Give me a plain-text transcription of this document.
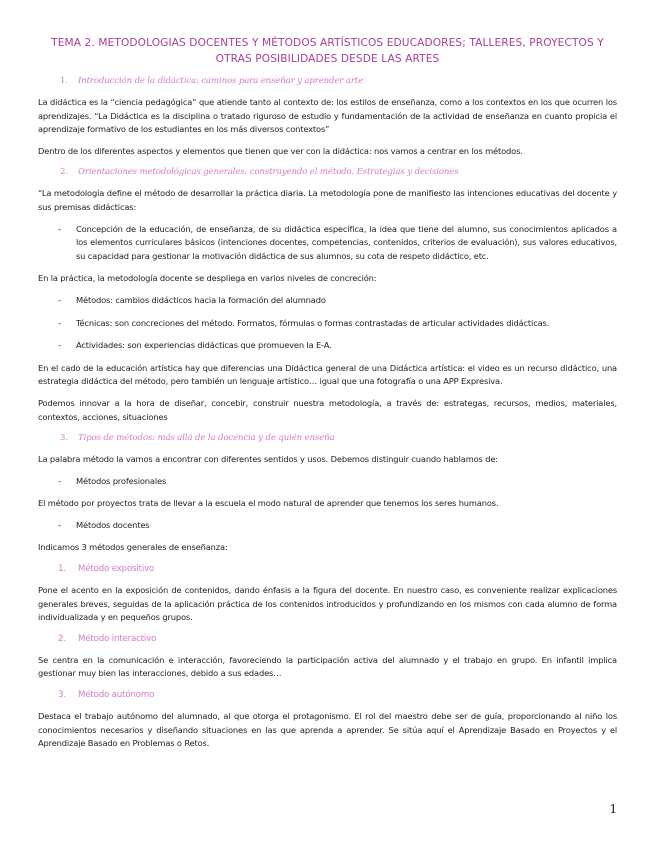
TEMA 2. METODOLOGIAS DOCENTES Y MÉTODOS ARTÍSTICOS EDUCADORES; TALLERES, PROYECTOS Y OTRAS POSIBILIDADES DESDE LAS ARTES
1. Introducción de la didáctica: caminos para enseñar y aprender arte

La didáctica es la “ciencia pedagógica” que atiende tanto al contexto de: los estilos de enseñanza, como a los contextos en los que ocurren los aprendizajes. “La Didáctica es la disciplina o tratado riguroso de estudio y fundamentación de la actividad de enseñanza en cuanto propicia el aprendizaje formativo de los estudiantes en los más diversos contextos”

Dentro de los diferentes aspectos y elementos que tienen que ver con la didáctica: nos vamos a centrar en los métodos.

2. Orientaciones metodológicas generales: construyendo el método. Estrategias y decisiones

“La metodología define el método de desarrollar la práctica diaria. La metodología pone de manifiesto las intenciones educativas del docente y sus premisas didácticas:

- Concepción de la educación, de enseñanza, de su didáctica específica, la idea que tiene del alumno, sus conocimientos aplicados a los elementos curriculares básicos (intenciones docentes, competencias, contenidos, criterios de evaluación), sus valores educativos, su capacidad para gestionar la motivación didáctica de sus alumnos, su cota de respeto didáctico, etc.

En la práctica, la metodología docente se despliega en varios niveles de concreción:

- Métodos: cambios didácticos hacia la formación del alumnado
- Técnicas: son concreciones del método. Formatos, fórmulas o formas contrastadas de articular actividades didácticas.
- Actividades: son experiencias didácticas que promueven la E-A.

En el cado de la educación artística hay que diferencias una Didáctica general de una Didáctica artística: el video es un recurso didáctico, una estrategia didáctica del método, pero también un lenguaje artístico… igual que una fotografía o una APP Expresiva.

Podemos innovar a la hora de diseñar, concebir, construir nuestra metodología, a través de: estrategas, recursos, medios, materiales, contextos, acciones, situaciones

3. Tipos de métodos: más allá de la docencia y de quién enseña

La palabra método la vamos a encontrar con diferentes sentidos y usos. Debemos distinguir cuando hablamos de:

- Métodos profesionales

El método por proyectos trata de llevar a la escuela el modo natural de aprender que tenemos los seres humanos.

- Métodos docentes

Indicamos 3 métodos generales de enseñanza:

1. Método expositivo

Pone el acento en la exposición de contenidos, dando énfasis a la figura del docente. En nuestro caso, es conveniente realizar explicaciones generales breves, seguidas de la aplicación práctica de los contenidos introducidos y profundizando en los mismos con cada alumno de forma individualizada y en pequeños grupos.

2. Método interactivo

Se centra en la comunicación e interacción, favoreciendo la participación activa del alumnado y el trabajo en grupo. En infantil implica gestionar muy bien las interacciones, debido a sus edades…

3. Método autónomo

Destaca el trabajo autónomo del alumnado, al que otorga el protagonismo. El rol del maestro debe ser de guía, proporcionando al niño los conocimientos necesarios y diseñando situaciones en las que aprenda a aprender. Se sitúa aquí el Aprendizaje Basado en Proyectos y el Aprendizaje Basado en Problemas o Retos.

1
